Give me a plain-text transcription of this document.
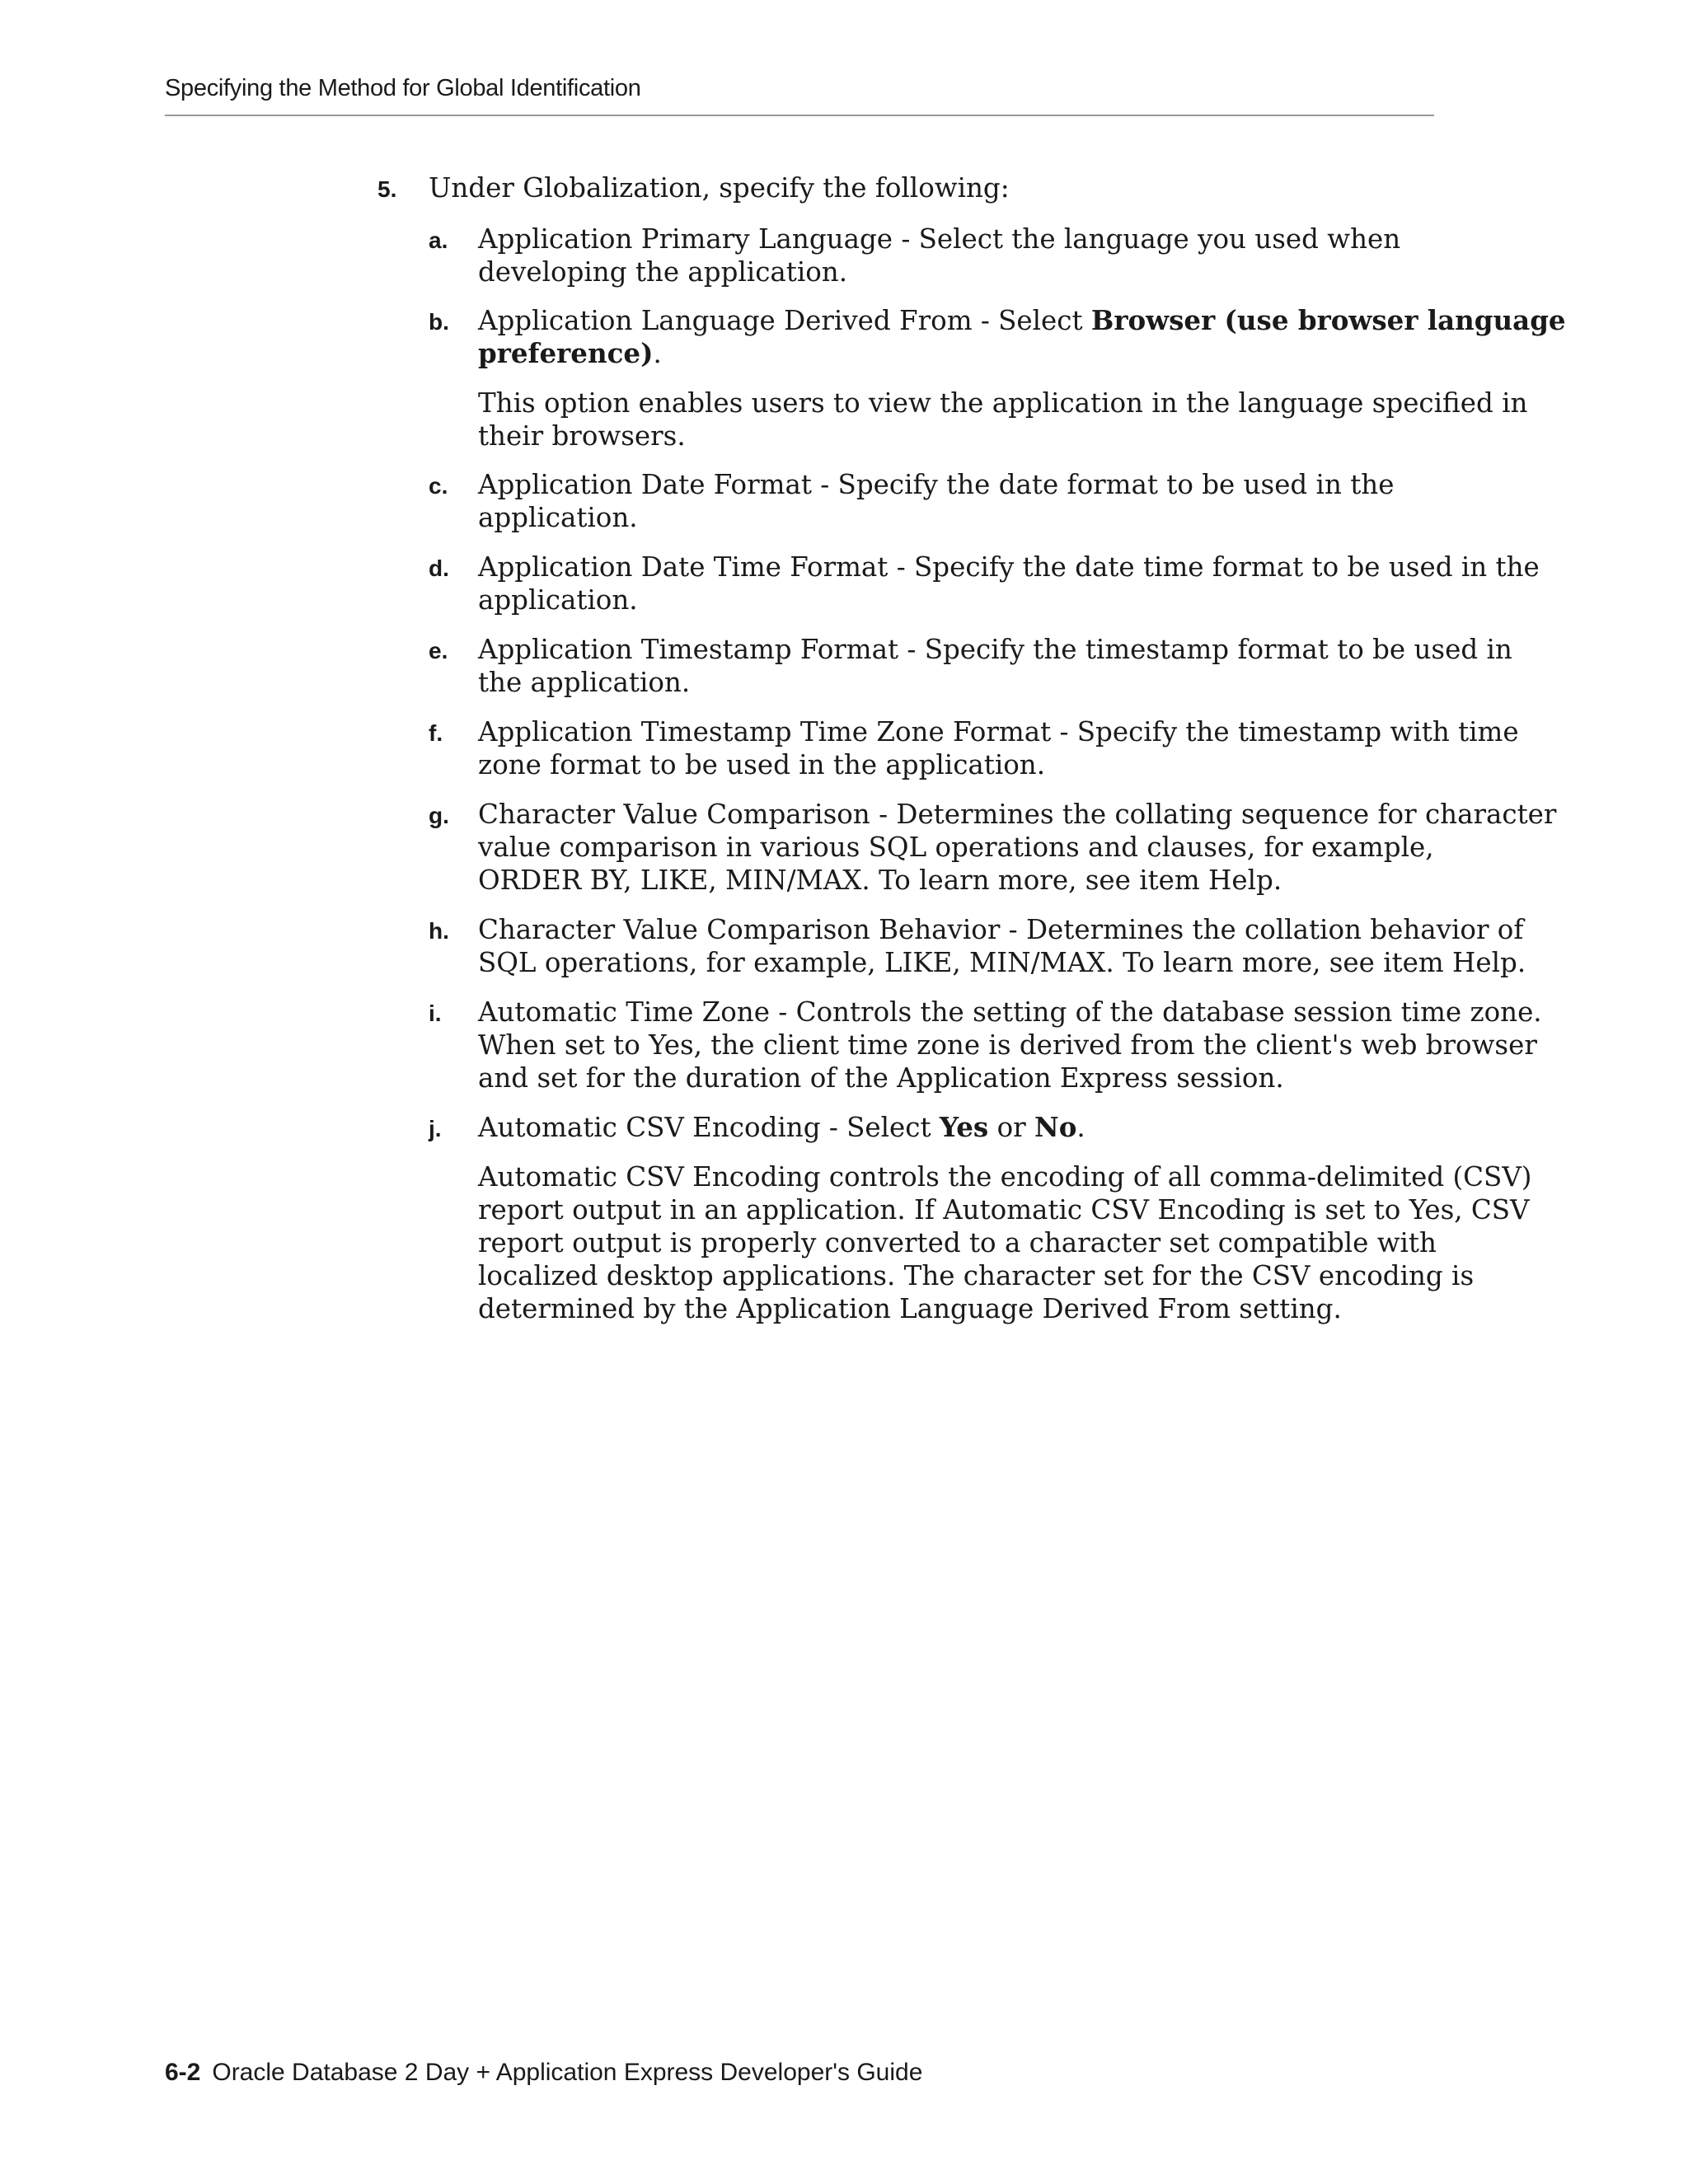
Specifying the Method for Global Identification
5. Under Globalization, specify the following:
a. Application Primary Language - Select the language you used when
developing the application.
b. Application Language Derived From - Select Browser (use browser language
preference).
This option enables users to view the application in the language specified in
their browsers.
c. Application Date Format - Specify the date format to be used in the
application.
d. Application Date Time Format - Specify the date time format to be used in the
application.
e. Application Timestamp Format - Specify the timestamp format to be used in
the application.
f. Application Timestamp Time Zone Format - Specify the timestamp with time
zone format to be used in the application.
g. Character Value Comparison - Determines the collating sequence for character
value comparison in various SQL operations and clauses, for example,
ORDER BY, LIKE, MIN/MAX. To learn more, see item Help.
h. Character Value Comparison Behavior - Determines the collation behavior of
SQL operations, for example, LIKE, MIN/MAX. To learn more, see item Help.
i. Automatic Time Zone - Controls the setting of the database session time zone.
When set to Yes, the client time zone is derived from the client's web browser
and set for the duration of the Application Express session.
j. Automatic CSV Encoding - Select Yes or No.
Automatic CSV Encoding controls the encoding of all comma-delimited (CSV)
report output in an application. If Automatic CSV Encoding is set to Yes, CSV
report output is properly converted to a character set compatible with
localized desktop applications. The character set for the CSV encoding is
determined by the Application Language Derived From setting.
6-2 Oracle Database 2 Day + Application Express Developer's Guide
